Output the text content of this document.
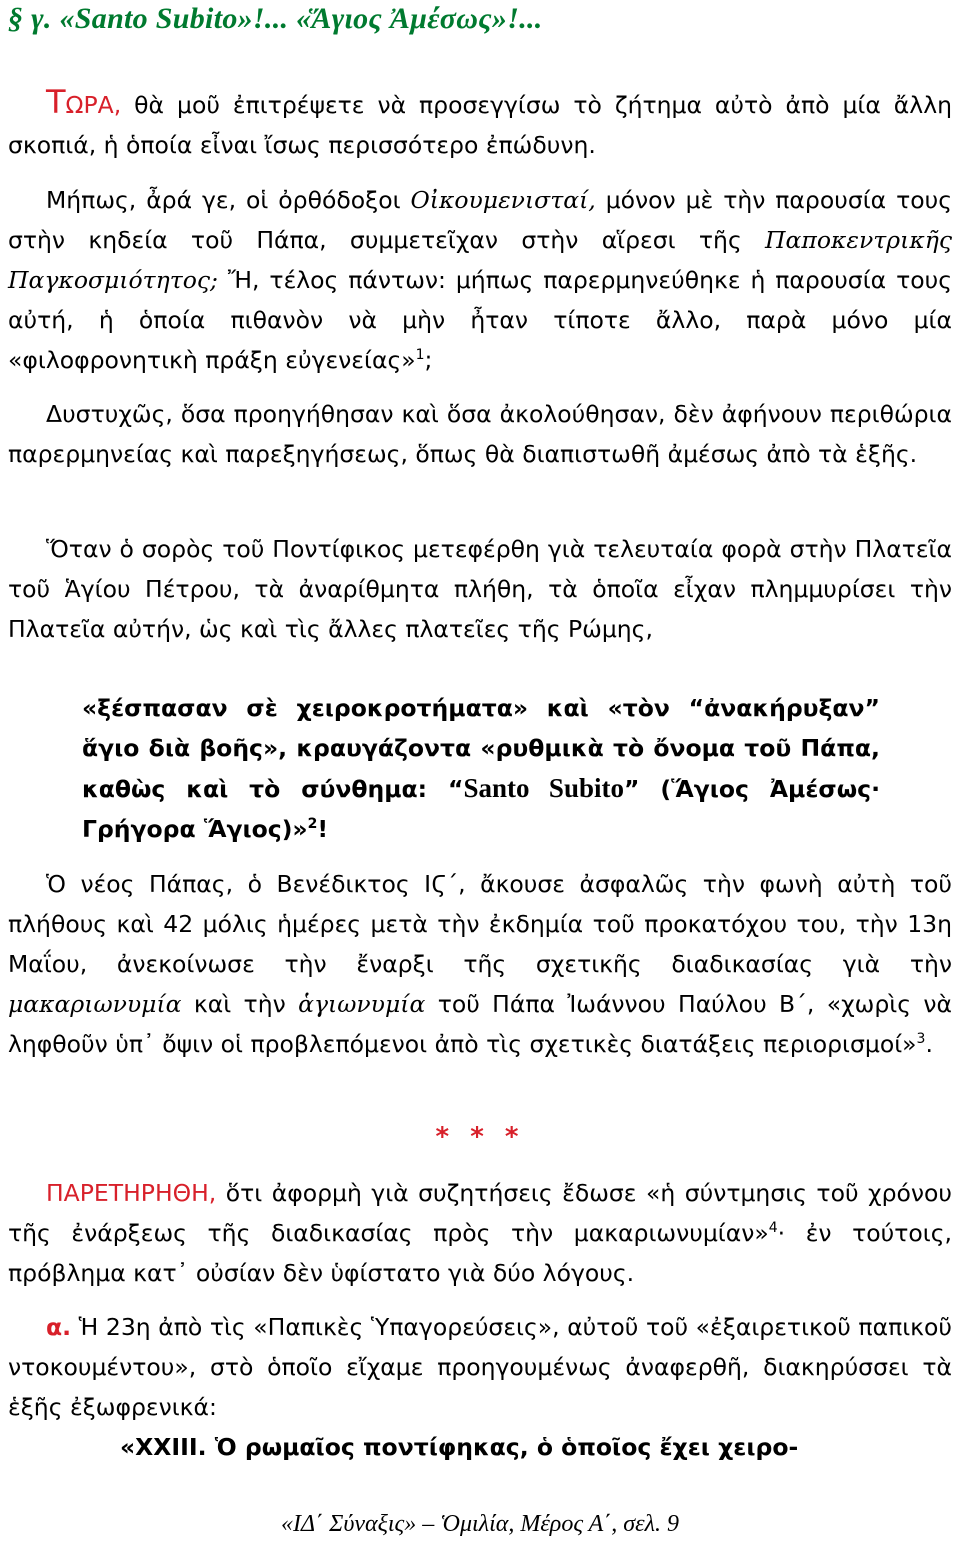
§ γ. «Santo Subito»!... «Ἅγιος Ἀμέσως»!...

ΤΩΡΑ, θὰ μοῦ ἐπιτρέψετε νὰ προσεγγίσω τὸ ζήτημα αὐτὸ ἀπὸ μία ἄλλη σκοπιά, ἡ ὁποία εἶναι ἴσως περισσότερο ἐπώδυνη.

Μήπως, ἆρά γε, οἱ ὀρθόδοξοι Οἰκουμενισταί, μόνον μὲ τὴν παρουσία τους στὴν κηδεία τοῦ Πάπα, συμμετεῖχαν στὴν αἵρεσι τῆς Παποκεντρικῆς Παγκοσμιότητος; Ἤ, τέλος πάντων: μήπως παρερμηνεύθηκε ἡ παρουσία τους αὐτή, ἡ ὁποία πιθανὸν νὰ μὴν ἦταν τίποτε ἄλλο, παρὰ μόνο μία «φιλοφρονητικὴ πράξη εὐγενείας»$^1$;

Δυστυχῶς, ὅσα προηγήθησαν καὶ ὅσα ἀκολούθησαν, δὲν ἀφήνουν περιθώρια παρερμηνείας καὶ παρεξηγήσεως, ὅπως θὰ διαπιστωθῆ ἀμέσως ἀπὸ τὰ ἑξῆς.

Ὅταν ὁ σορὸς τοῦ Ποντίφικος μετεφέρθη γιὰ τελευταία φορὰ στὴν Πλατεῖα τοῦ Ἁγίου Πέτρου, τὰ ἀναρίθμητα πλήθη, τὰ ὁποῖα εἶχαν πλημμυρίσει τὴν Πλατεῖα αὐτήν, ὡς καὶ τὶς ἄλλες πλατεῖες τῆς Ρώμης,

«ξέσπασαν σὲ χειροκροτήματα» καὶ «τὸν “ἀνακήρυξαν” ἅγιο διὰ βοῆς», κραυγάζοντα «ρυθμικὰ τὸ ὄνομα τοῦ Πάπα, καθὼς καὶ τὸ σύνθημα: “Santo Subito” (Ἅγιος Ἀμέσως· Γρήγορα Ἅγιος)»$^2$!

Ὁ νέος Πάπας, ὁ Βενέδικτος ΙϚ΄, ἄκουσε ἀσφαλῶς τὴν φωνὴ αὐτὴ τοῦ πλήθους καὶ 42 μόλις ἡμέρες μετὰ τὴν ἐκδημία τοῦ προκατόχου του, τὴν 13η Μαΐου, ἀνεκοίνωσε τὴν ἔναρξι τῆς σχετικῆς διαδικασίας γιὰ τὴν μακαριωνυμία καὶ τὴν ἁγιωνυμία τοῦ Πάπα Ἰωάννου Παύλου Β΄, «χωρὶς νὰ ληφθοῦν ὑπ᾿ ὄψιν οἱ προβλεπόμενοι ἀπὸ τὶς σχετικὲς διατάξεις περιορισμοί»$^3$.

* * *

ΠΑΡΕΤΗΡΗΘΗ, ὅτι ἀφορμὴ γιὰ συζητήσεις ἔδωσε «ἡ σύντμησις τοῦ χρόνου τῆς ἐνάρξεως τῆς διαδικασίας πρὸς τὴν μακαριωνυμίαν»$^4$· ἐν τούτοις, πρόβλημα κατ᾿ οὐσίαν δὲν ὑφίστατο γιὰ δύο λόγους.

α. Ἡ 23η ἀπὸ τὶς «Παπικὲς Ὑπαγορεύσεις», αὐτοῦ τοῦ «ἐξαιρετικοῦ παπικοῦ ντοκουμέντου», στὸ ὁποῖο εἴχαμε προηγουμένως ἀναφερθῆ, διακηρύσσει τὰ ἑξῆς ἐξωφρενικά:

«XXIII. Ὁ ρωμαῖος ποντίφηκας, ὁ ὁποῖος ἔχει χειρο-

«ΙΔ΄ Σύναξις» – Ὁμιλία, Μέρος Α΄, σελ. 9
